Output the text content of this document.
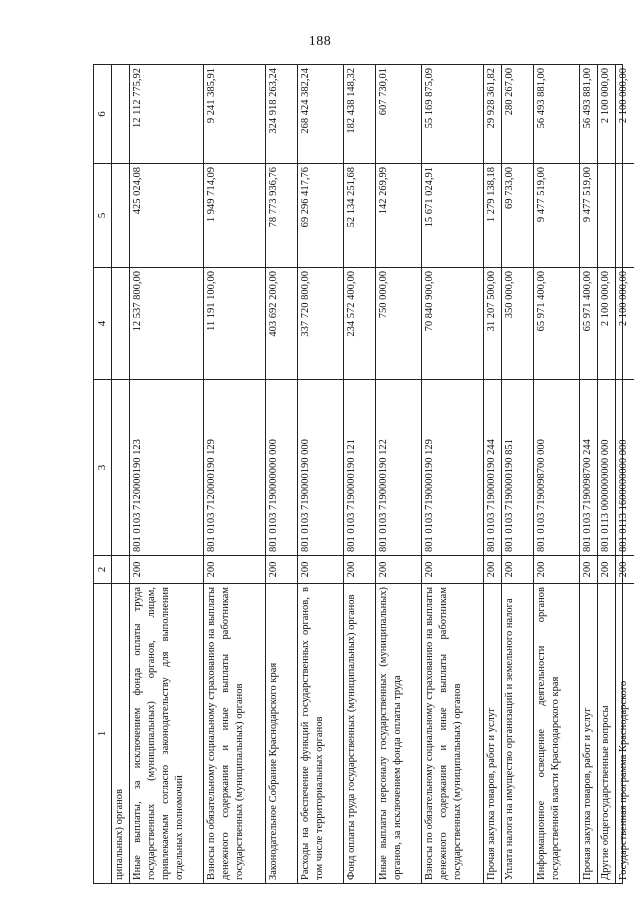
188
1
2
3
4
5
6
ципальных) органов Иные выплаты, за исключением фонда оплаты труда государственных (муниципальных) органов, лицам, привлекаемым согласно законодательству для выполнения отдельных полномочий
200
801 0103 7120000190 123
12 537 800,00
425 024,08
12 112 775,92
Взносы по обязательному социальному страхованию на выплаты денежного содержания и иные выплаты работникам государственных (муниципальных) органов
200
801 0103 7120000190 129
11 191 100,00
1 949 714,09
9 241 385,91
Законодательное Собрание Краснодарского края
200
801 0103 7190000000 000
403 692 200,00
78 773 936,76
324 918 263,24
Расходы на обеспечение функций государственных органов, в том числе территориальных органов
200
801 0103 7190000190 000
337 720 800,00
69 296 417,76
268 424 382,24
Фонд оплаты труда государственных (муниципальных) органов
200
801 0103 7190000190 121
234 572 400,00
52 134 251,68
182 438 148,32
Иные выплаты персоналу государственных (муниципальных) органов, за исключением фонда оплаты труда
200
801 0103 7190000190 122
750 000,00
142 269,99
607 730,01
Взносы по обязательному социальному страхованию на выплаты денежного содержания и иные выплаты работникам государственных (муниципальных) органов
200
801 0103 7190000190 129
70 840 900,00
15 671 024,91
55 169 875,09
Прочая закупка товаров, работ и услуг
200
801 0103 7190000190 244
31 207 500,00
1 279 138,18
29 928 361,82
Уплата налога на имущество организаций и земельного налога
200
801 0103 7190000190 851
350 000,00
69 733,00
280 267,00
Информационное освещение деятельности органов государственной власти Краснодарского края
200
801 0103 7190098700 000
65 971 400,00
9 477 519,00
56 493 881,00
Прочая закупка товаров, работ и услуг
200
801 0103 7190098700 244
65 971 400,00
9 477 519,00
56 493 881,00
Другие общегосударственные вопросы
200
801 0113 0000000000 000
2 100 000,00
2 100 000,00
Государственная программа Краснодарского
200
801 0113 1600000000 000
2 100 000,00
2 100 000,00
